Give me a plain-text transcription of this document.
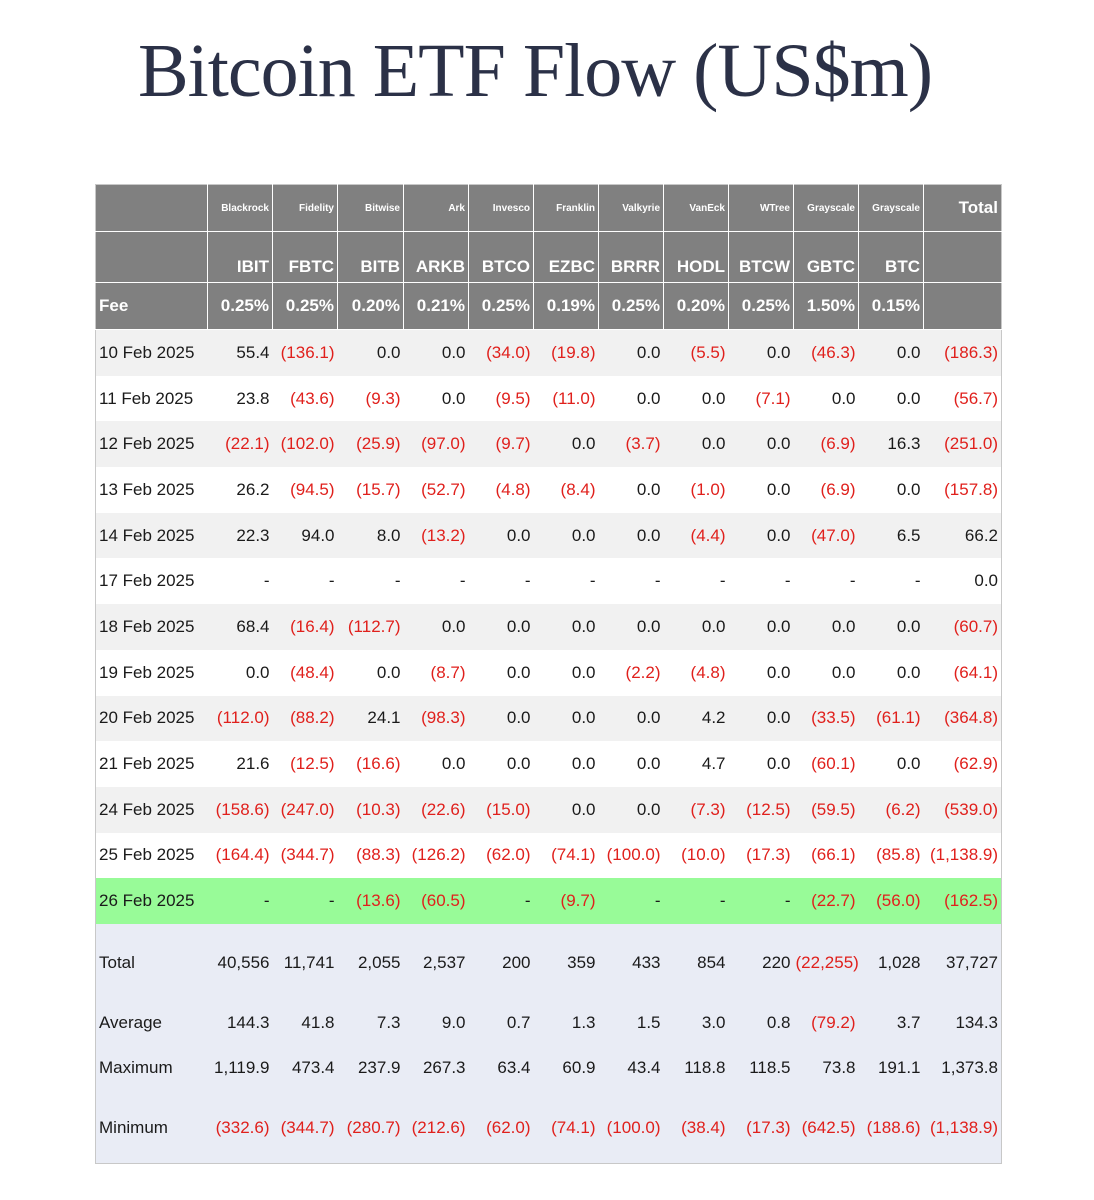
Bitcoin ETF Flow (US$m)
	Blackrock	Fidelity	Bitwise	Ark	Invesco	Franklin	Valkyrie	VanEck	WTree	Grayscale	Grayscale	Total
	IBIT	FBTC	BITB	ARKB	BTCO	EZBC	BRRR	HODL	BTCW	GBTC	BTC	
Fee	0.25%	0.25%	0.20%	0.21%	0.25%	0.19%	0.25%	0.20%	0.25%	1.50%	0.15%	
10 Feb 2025	55.4	(136.1)	0.0	0.0	(34.0)	(19.8)	0.0	(5.5)	0.0	(46.3)	0.0	(186.3)
11 Feb 2025	23.8	(43.6)	(9.3)	0.0	(9.5)	(11.0)	0.0	0.0	(7.1)	0.0	0.0	(56.7)
12 Feb 2025	(22.1)	(102.0)	(25.9)	(97.0)	(9.7)	0.0	(3.7)	0.0	0.0	(6.9)	16.3	(251.0)
13 Feb 2025	26.2	(94.5)	(15.7)	(52.7)	(4.8)	(8.4)	0.0	(1.0)	0.0	(6.9)	0.0	(157.8)
14 Feb 2025	22.3	94.0	8.0	(13.2)	0.0	0.0	0.0	(4.4)	0.0	(47.0)	6.5	66.2
17 Feb 2025	-	-	-	-	-	-	-	-	-	-	-	0.0
18 Feb 2025	68.4	(16.4)	(112.7)	0.0	0.0	0.0	0.0	0.0	0.0	0.0	0.0	(60.7)
19 Feb 2025	0.0	(48.4)	0.0	(8.7)	0.0	0.0	(2.2)	(4.8)	0.0	0.0	0.0	(64.1)
20 Feb 2025	(112.0)	(88.2)	24.1	(98.3)	0.0	0.0	0.0	4.2	0.0	(33.5)	(61.1)	(364.8)
21 Feb 2025	21.6	(12.5)	(16.6)	0.0	0.0	0.0	0.0	4.7	0.0	(60.1)	0.0	(62.9)
24 Feb 2025	(158.6)	(247.0)	(10.3)	(22.6)	(15.0)	0.0	0.0	(7.3)	(12.5)	(59.5)	(6.2)	(539.0)
25 Feb 2025	(164.4)	(344.7)	(88.3)	(126.2)	(62.0)	(74.1)	(100.0)	(10.0)	(17.3)	(66.1)	(85.8)	(1,138.9)
26 Feb 2025	-	-	(13.6)	(60.5)	-	(9.7)	-	-	-	(22.7)	(56.0)	(162.5)
Total	40,556	11,741	2,055	2,537	200	359	433	854	220	(22,255)	1,028	37,727
Average	144.3	41.8	7.3	9.0	0.7	1.3	1.5	3.0	0.8	(79.2)	3.7	134.3
Maximum	1,119.9	473.4	237.9	267.3	63.4	60.9	43.4	118.8	118.5	73.8	191.1	1,373.8
Minimum	(332.6)	(344.7)	(280.7)	(212.6)	(62.0)	(74.1)	(100.0)	(38.4)	(17.3)	(642.5)	(188.6)	(1,138.9)
